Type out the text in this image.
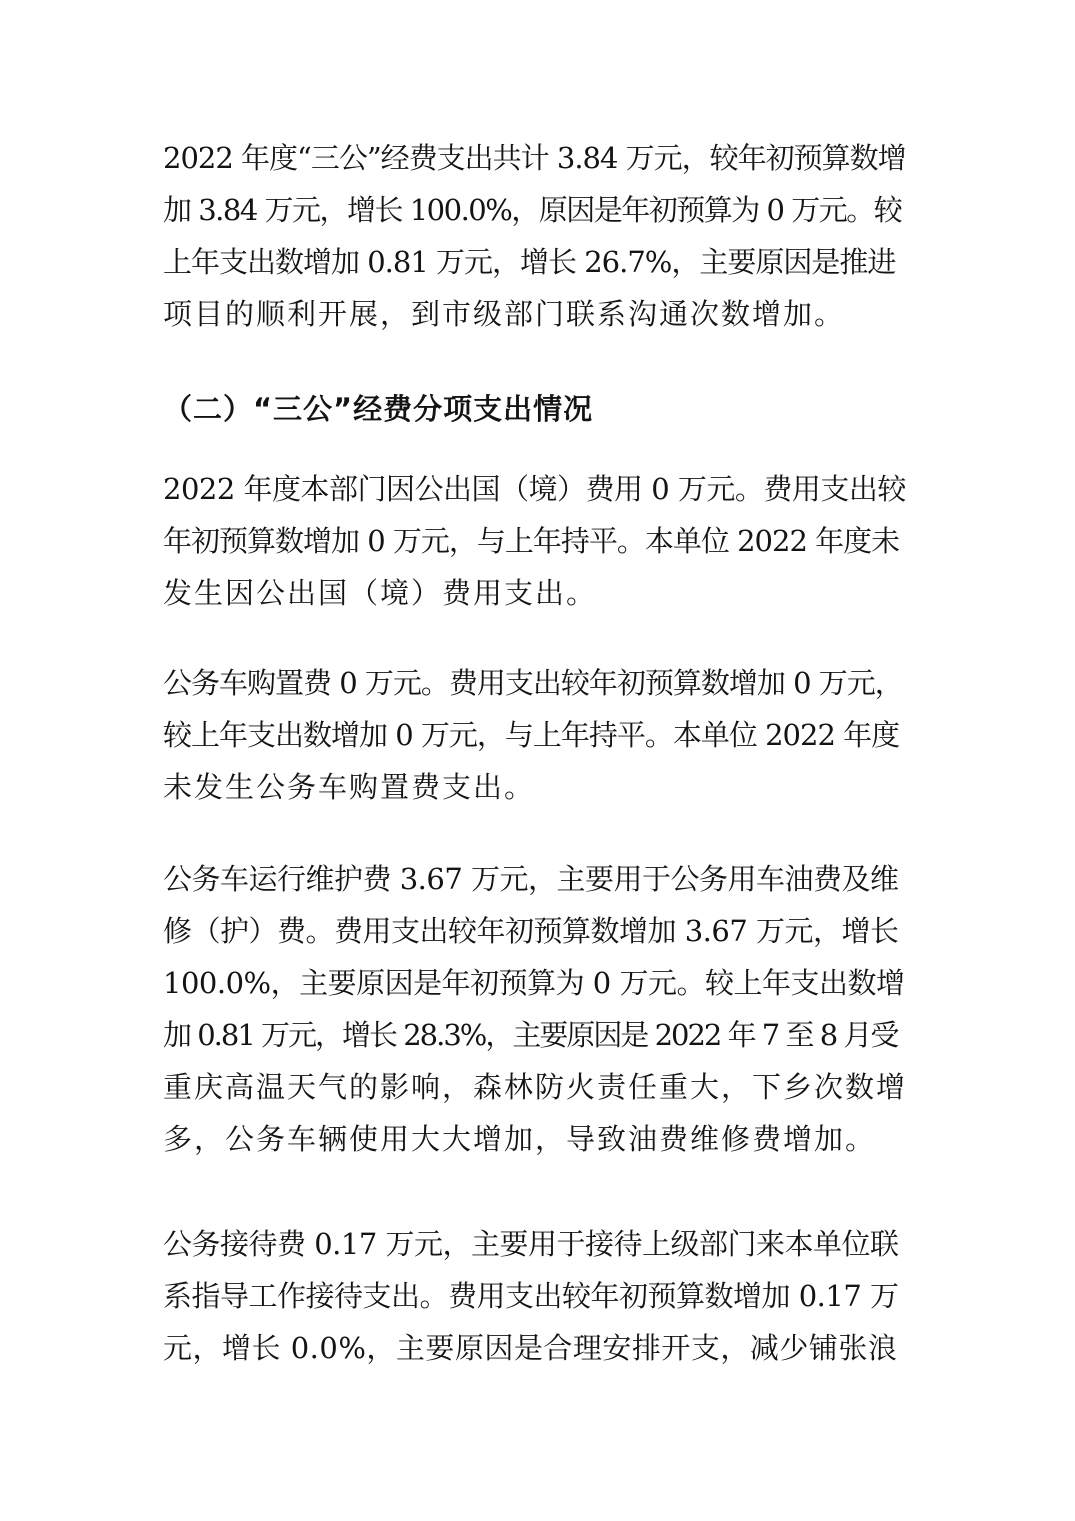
2022 年度“三公”经费支出共计 3.84 万元，较年初预算数增
加 3.84 万元，增长 100.0%，原因是年初预算为 0 万元。较
上年支出数增加 0.81 万元，增长 26.7%，主要原因是推进
项目的顺利开展，到市级部门联系沟通次数增加。
（二）“三公”经费分项支出情况
2022 年度本部门因公出国（境）费用 0 万元。费用支出较
年初预算数增加 0 万元，与上年持平。本单位 2022 年度未
发生因公出国（境）费用支出。
公务车购置费 0 万元。费用支出较年初预算数增加 0 万元，
较上年支出数增加 0 万元，与上年持平。本单位 2022 年度
未发生公务车购置费支出。
公务车运行维护费 3.67 万元，主要用于公务用车油费及维
修（护）费。费用支出较年初预算数增加 3.67 万元，增长
100.0%，主要原因是年初预算为 0 万元。较上年支出数增
加 0.81 万元，增长 28.3%，主要原因是 2022 年 7 至 8 月受
重庆高温天气的影响，森林防火责任重大，下乡次数增
多，公务车辆使用大大增加，导致油费维修费增加。
公务接待费 0.17 万元，主要用于接待上级部门来本单位联
系指导工作接待支出。费用支出较年初预算数增加 0.17 万
元，增长 0.0%，主要原因是合理安排开支，减少铺张浪
